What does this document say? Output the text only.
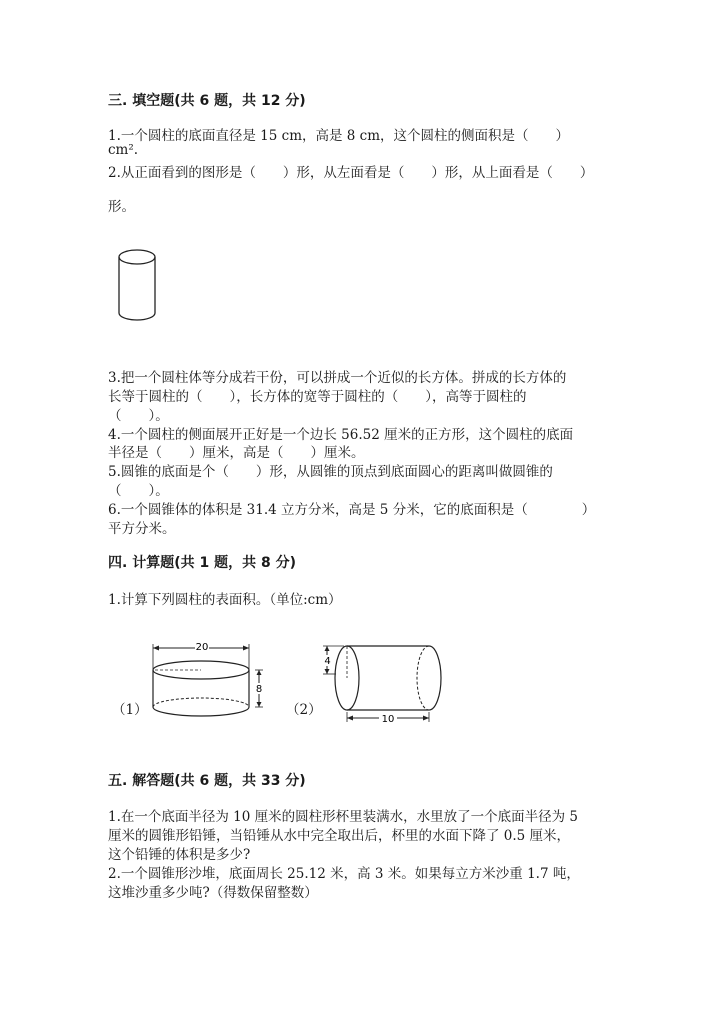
三. 填空题(共 6 题，共 12 分)
1.一个圆柱的底面直径是 15 cm，高是 8 cm，这个圆柱的侧面积是（　　）
cm².
2.从正面看到的图形是（　　）形，从左面看是（　　）形，从上面看是（　　）
形。
3.把一个圆柱体等分成若干份，可以拼成一个近似的长方体。拼成的长方体的
长等于圆柱的（　　），长方体的宽等于圆柱的（　　），高等于圆柱的
（　　）。
4.一个圆柱的侧面展开正好是一个边长 56.52 厘米的正方形，这个圆柱的底面
半径是（　　）厘米，高是（　　）厘米。
5.圆锥的底面是个（　　）形，从圆锥的顶点到底面圆心的距离叫做圆锥的
（　　）。
6.一个圆锥体的体积是 31.4 立方分米，高是 5 分米，它的底面积是（　　　　）
平方分米。
四. 计算题(共 1 题，共 8 分)
1.计算下列圆柱的表面积。（单位:cm）
（1）
20
8
（2）
4
10
五. 解答题(共 6 题，共 33 分)
1.在一个底面半径为 10 厘米的圆柱形杯里装满水，水里放了一个底面半径为 5
厘米的圆锥形铅锤，当铅锤从水中完全取出后，杯里的水面下降了 0.5 厘米，
这个铅锤的体积是多少?
2.一个圆锥形沙堆，底面周长 25.12 米，高 3 米。如果每立方米沙重 1.7 吨，
这堆沙重多少吨?（得数保留整数）
